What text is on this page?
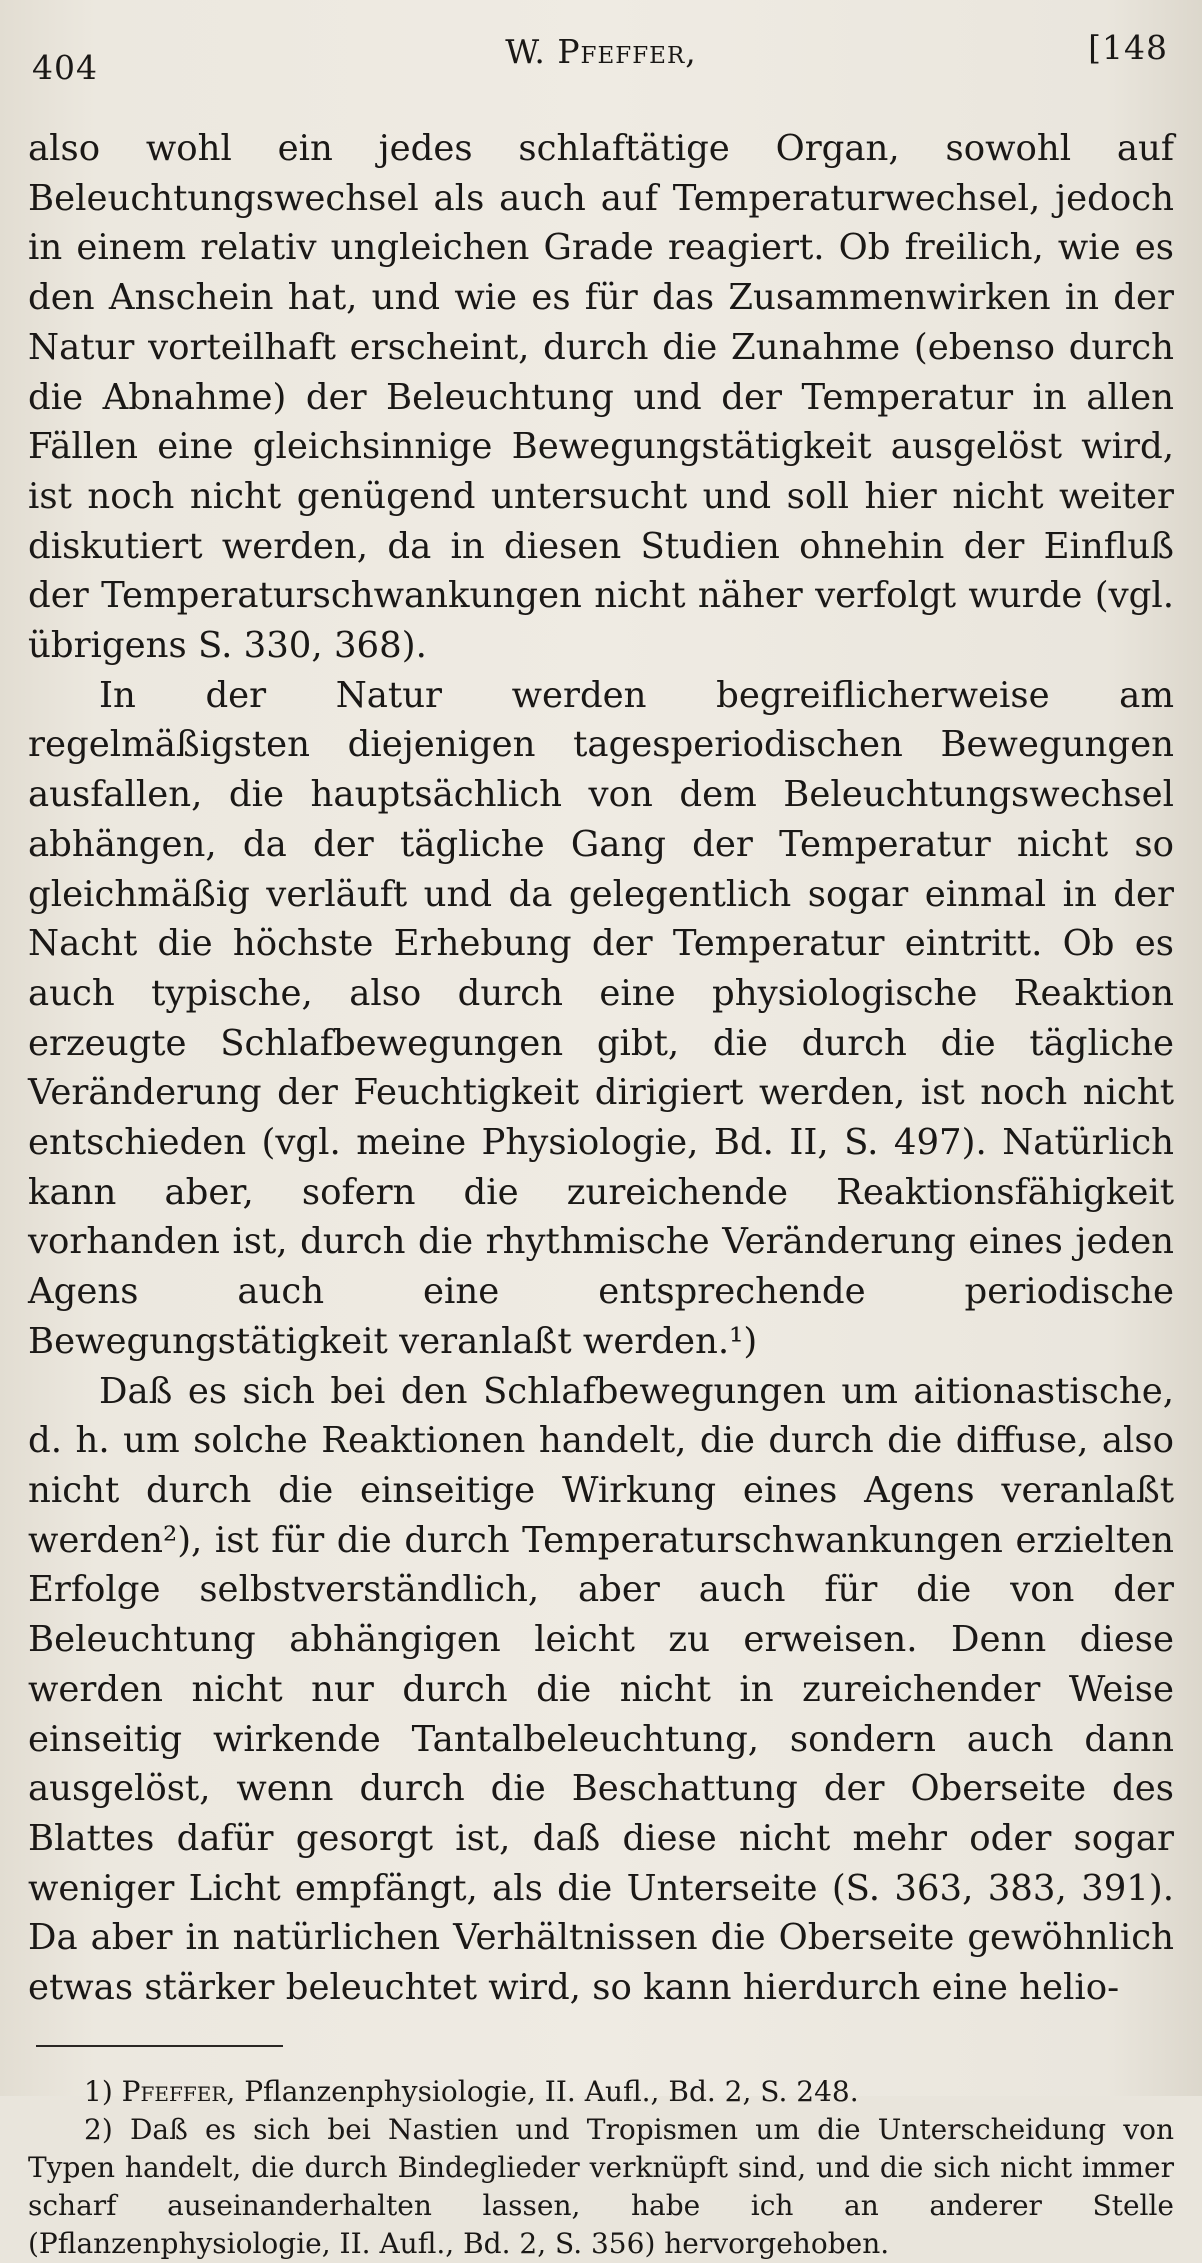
404	W. Pfeffer,	[148

also wohl ein jedes schlaftätige Organ, sowohl auf Beleuchtungswechsel als auch auf Temperaturwechsel, jedoch in einem relativ ungleichen Grade reagiert. Ob freilich, wie es den Anschein hat, und wie es für das Zusammenwirken in der Natur vorteilhaft erscheint, durch die Zunahme (ebenso durch die Abnahme) der Beleuchtung und der Temperatur in allen Fällen eine gleichsinnige Bewegungstätigkeit ausgelöst wird, ist noch nicht genügend untersucht und soll hier nicht weiter diskutiert werden, da in diesen Studien ohnehin der Einfluß der Temperaturschwankungen nicht näher verfolgt wurde (vgl. übrigens S. 330, 368).

In der Natur werden begreiflicherweise am regelmäßigsten diejenigen tagesperiodischen Bewegungen ausfallen, die hauptsächlich von dem Beleuchtungswechsel abhängen, da der tägliche Gang der Temperatur nicht so gleichmäßig verläuft und da gelegentlich sogar einmal in der Nacht die höchste Erhebung der Temperatur eintritt. Ob es auch typische, also durch eine physiologische Reaktion erzeugte Schlafbewegungen gibt, die durch die tägliche Veränderung der Feuchtigkeit dirigiert werden, ist noch nicht entschieden (vgl. meine Physiologie, Bd. II, S. 497). Natürlich kann aber, sofern die zureichende Reaktionsfähigkeit vorhanden ist, durch die rhythmische Veränderung eines jeden Agens auch eine entsprechende periodische Bewegungstätigkeit veranlaßt werden.¹)

Daß es sich bei den Schlafbewegungen um aitionastische, d. h. um solche Reaktionen handelt, die durch die diffuse, also nicht durch die einseitige Wirkung eines Agens veranlaßt werden²), ist für die durch Temperaturschwankungen erzielten Erfolge selbstverständlich, aber auch für die von der Beleuchtung abhängigen leicht zu erweisen. Denn diese werden nicht nur durch die nicht in zureichender Weise einseitig wirkende Tantalbeleuchtung, sondern auch dann ausgelöst, wenn durch die Beschattung der Oberseite des Blattes dafür gesorgt ist, daß diese nicht mehr oder sogar weniger Licht empfängt, als die Unterseite (S. 363, 383, 391). Da aber in natürlichen Verhältnissen die Oberseite gewöhnlich etwas stärker beleuchtet wird, so kann hierdurch eine helio-

1) Pfeffer, Pflanzenphysiologie, II. Aufl., Bd. 2, S. 248.

2) Daß es sich bei Nastien und Tropismen um die Unterscheidung von Typen handelt, die durch Bindeglieder verknüpft sind, und die sich nicht immer scharf auseinanderhalten lassen, habe ich an anderer Stelle (Pflanzenphysiologie, II. Aufl., Bd. 2, S. 356) hervorgehoben.
